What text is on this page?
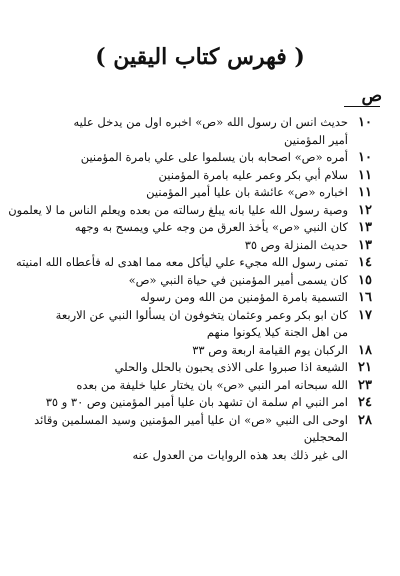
( فهرس كتاب اليقين )
ص
١٠
حديث انس ان رسول الله «ص» اخبره اول من يدخل عليه
أمير المؤمنين
١٠
أمره «ص» اصحابه بان يسلموا على علي بامرة المؤمنين
١١
سلام أبي بكر وعمر عليه بامرة المؤمنين
١١
اخباره «ص» عائشة بان عليا أمير المؤمنين
١٢
وصية رسول الله عليا بانه يبلغ رسالته من بعده ويعلم الناس ما لا يعلمون
١٣
كان النبي «ص» يأخذ العرق من وجه علي ويمسح به وجهه
١٣
حديث المنزلة وص ٣٥
١٤
تمنى رسول الله مجيء علي ليأكل معه مما اهدى له فأعطاه الله امنيته
١٥
كان يسمى أمير المؤمنين في حياة النبي «ص»
١٦
التسمية بامرة المؤمنين من الله ومن رسوله
١٧
كان ابو بكر وعمر وعثمان يتخوفون ان يسألوا النبي عن الاربعة
من اهل الجنة كيلا يكونوا منهم
١٨
الركبان يوم القيامة اربعة وص ٣٣
٢١
الشيعة اذا صبروا على الاذى يحبون بالحلل والحلي
٢٣
الله سبحانه امر النبي «ص» بان يختار عليا خليفة من بعده
٢٤
امر النبي ام سلمة ان تشهد بان عليا أمير المؤمنين وص ٣٠ و ٣٥
٢٨
اوحى الى النبي «ص» ان عليا أمير المؤمنين وسيد المسلمين وقائد
المحجلين
الى غير ذلك بعد هذه الروايات من العدول عنه
